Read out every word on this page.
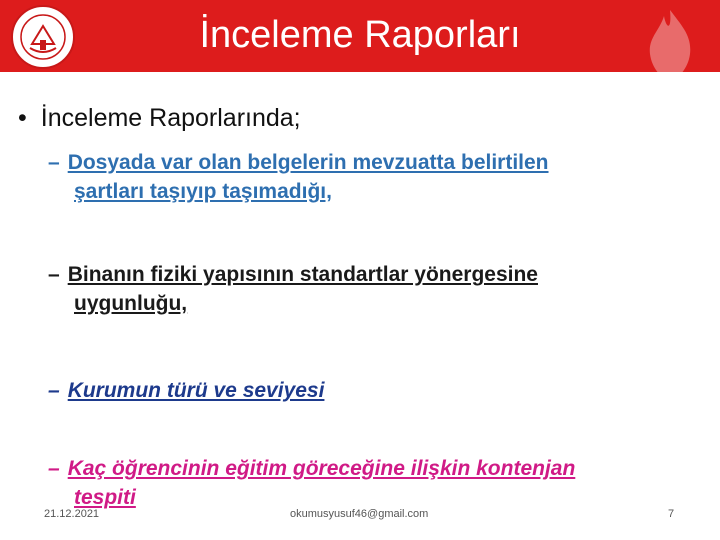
İnceleme Raporları
• İnceleme Raporlarında;
– Dosyada var olan belgelerin mevzuatta belirtilen
şartları taşıyıp taşımadığı,
– Binanın fiziki yapısının standartlar yönergesine
uygunluğu,
– Kurumun türü ve seviyesi
– Kaç öğrencinin eğitim göreceğine ilişkin kontenjan
tespiti
21.12.2021	okumusyusuf46@gmail.com	7
